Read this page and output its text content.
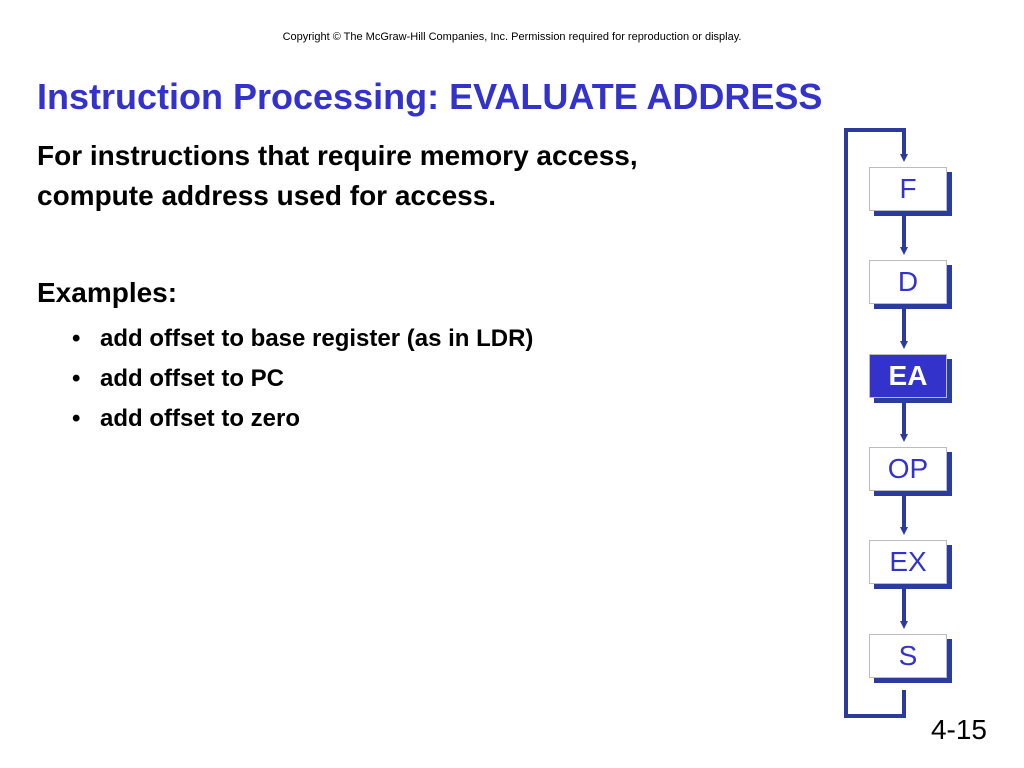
Copyright © The McGraw-Hill Companies, Inc. Permission required for reproduction or display.
Instruction Processing: EVALUATE ADDRESS
For instructions that require memory access,
compute address used for access.
Examples:
• add offset to base register (as in LDR)
• add offset to PC
• add offset to zero
F
D
EA
OP
EX
S
4-15
